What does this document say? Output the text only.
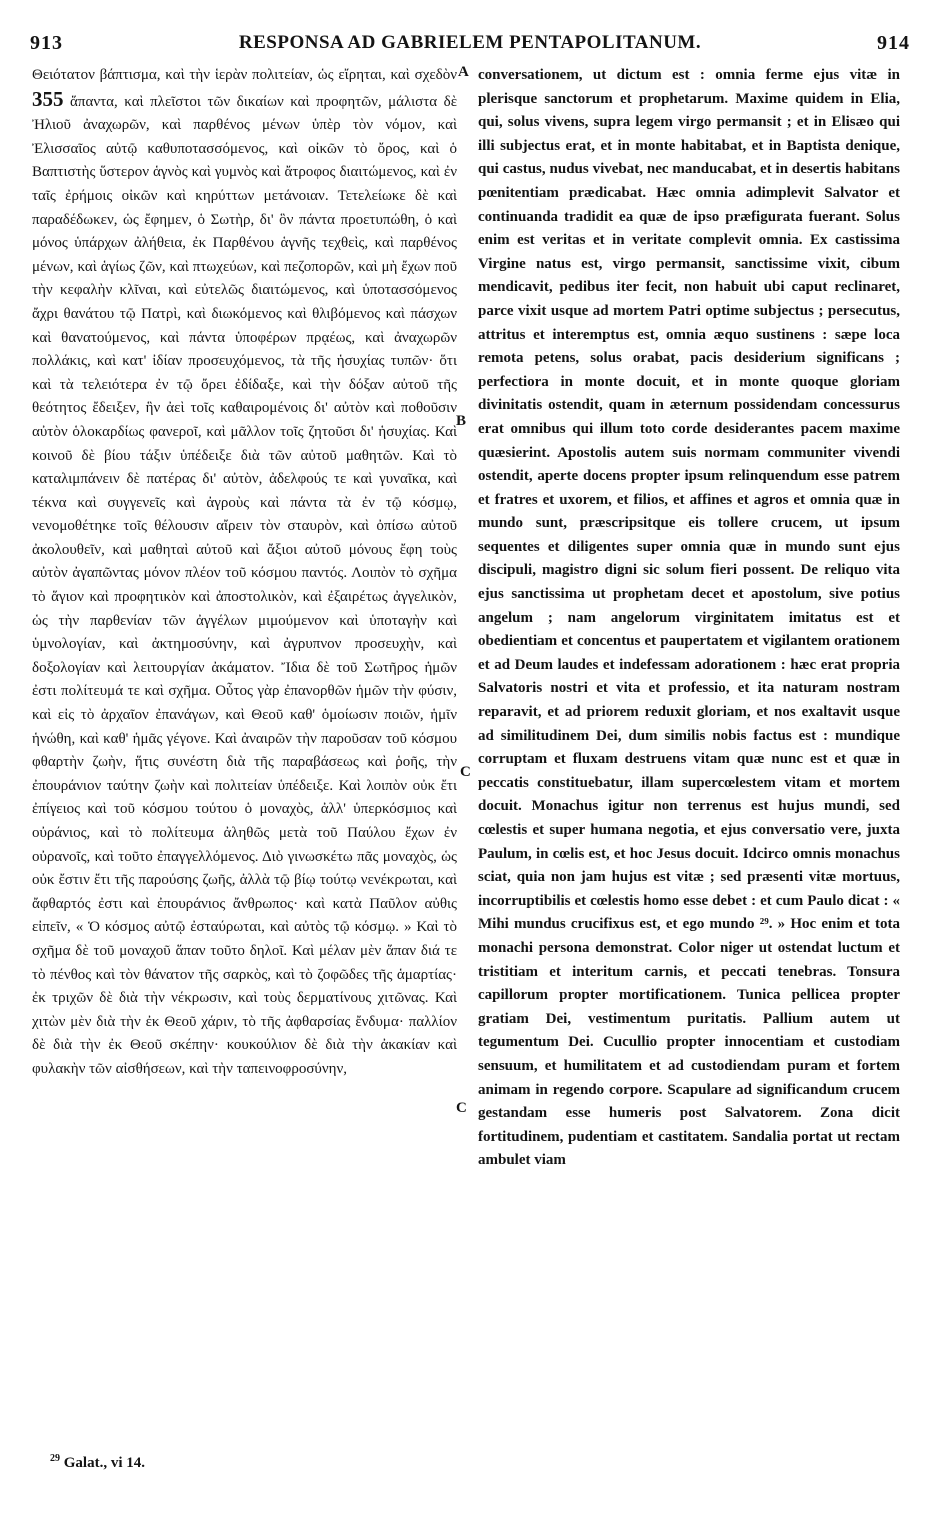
913	RESPONSA AD GABRIELEM PENTAPOLITANUM.	914

Θειότατον βάπτισμα, καὶ τὴν ἱερὰν πολιτείαν, ὡς εἴρηται, καὶ σχεδὸν 355 ἅπαντα, καὶ πλεῖστοι τῶν δικαίων καὶ προφητῶν, μάλιστα δὲ Ἠλιοῦ ἀναχωρῶν, καὶ παρθένος μένων ὑπὲρ τὸν νόμον, καὶ Ἐλισσαῖος αὐτῷ καθυποτασσόμενος, καὶ οἰκῶν τὸ ὄρος, καὶ ὁ Βαπτιστὴς ὕστερον ἁγνὸς καὶ γυμνὸς καὶ ἄτροφος διαιτώμενος, καὶ ἐν ταῖς ἐρήμοις οἰκῶν καὶ κηρύττων μετάνοιαν. Τετελείωκε δὲ καὶ παραδέδωκεν, ὡς ἔφημεν, ὁ Σωτὴρ, δι' ὃν πάντα προετυπώθη, ὁ καὶ μόνος ὑπάρχων ἀλήθεια, ἐκ Παρθένου ἁγνῆς τεχθεὶς, καὶ παρθένος μένων, καὶ ἁγίως ζῶν, καὶ πτωχεύων, καὶ πεζοπορῶν, καὶ μὴ ἔχων ποῦ τὴν κεφαλὴν κλῖναι, καὶ εὐτελῶς διαιτώμενος, καὶ ὑποτασσόμενος ἄχρι θανάτου τῷ Πατρὶ, καὶ διωκόμενος καὶ θλιβόμενος καὶ πάσχων καὶ θανατούμενος, καὶ πάντα ὑποφέρων πρᾳέως, καὶ ἀναχωρῶν πολλάκις, καὶ κατ' ἰδίαν προσευχόμενος, τὰ τῆς ἡσυχίας τυπῶν· ὅτι καὶ τὰ τελειότερα ἐν τῷ ὄρει ἐδίδαξε, καὶ τὴν δόξαν αὐτοῦ τῆς θεότητος ἔδειξεν, ἣν ἀεὶ τοῖς καθαιρομένοις δι' αὐτὸν καὶ ποθοῦσιν αὐτὸν ὁλοκαρδίως φανεροῖ, καὶ μᾶλλον τοῖς ζητοῦσι δι' ἡσυχίας. Καὶ κοινοῦ δὲ βίου τάξιν ὑπέδειξε διὰ τῶν αὐτοῦ μαθητῶν. Καὶ τὸ καταλιμπάνειν δὲ πατέρας δι' αὐτὸν, ἀδελφούς τε καὶ γυναῖκα, καὶ τέκνα καὶ συγγενεῖς καὶ ἀγροὺς καὶ πάντα τὰ ἐν τῷ κόσμῳ, νενομοθέτηκε τοῖς θέλουσιν αἴρειν τὸν σταυρὸν, καὶ ὀπίσω αὐτοῦ ἀκολουθεῖν, καὶ μαθηταὶ αὐτοῦ καὶ ἄξιοι αὐτοῦ μόνους ἔφη τοὺς αὐτὸν ἀγαπῶντας μόνον πλέον τοῦ κόσμου παντός. Λοιπὸν τὸ σχῆμα τὸ ἅγιον καὶ προφητικὸν καὶ ἀποστολικὸν, καὶ ἐξαιρέτως ἀγγελικὸν, ὡς τὴν παρθενίαν τῶν ἀγγέλων μιμούμενον καὶ ὑποταγὴν καὶ ὑμνολογίαν, καὶ ἀκτημοσύνην, καὶ ἀγρυπνον προσευχὴν, καὶ δοξολογίαν καὶ λειτουργίαν ἀκάματον. Ἴδια δὲ τοῦ Σωτῆρος ἡμῶν ἐστι πολίτευμά τε καὶ σχῆμα. Οὗτος γὰρ ἐπανορθῶν ἡμῶν τὴν φύσιν, καὶ εἰς τὸ ἀρχαῖον ἐπανάγων, καὶ Θεοῦ καθ' ὁμοίωσιν ποιῶν, ἡμῖν ἡνώθη, καὶ καθ' ἡμᾶς γέγονε. Καὶ ἀναιρῶν τὴν παροῦσαν τοῦ κόσμου φθαρτὴν ζωὴν, ἥτις συνέστη διὰ τῆς παραβάσεως καὶ ῥοῆς, τὴν ἐπουράνιον ταύτην ζωὴν καὶ πολιτείαν ὑπέδειξε. Καὶ λοιπὸν οὐκ ἔτι ἐπίγειος καὶ τοῦ κόσμου τούτου ὁ μοναχὸς, ἀλλ' ὑπερκόσμιος καὶ οὐράνιος, καὶ τὸ πολίτευμα ἀληθῶς μετὰ τοῦ Παύλου ἔχων ἐν οὐρανοῖς, καὶ τοῦτο ἐπαγγελλόμενος. Διὸ γινωσκέτω πᾶς μοναχὸς, ὡς οὐκ ἔστιν ἔτι τῆς παρούσης ζωῆς, ἀλλὰ τῷ βίῳ τούτῳ νενέκρωται, καὶ ἄφθαρτός ἐστι καὶ ἐπουράνιος ἄνθρωπος· καὶ κατὰ Παῦλον αὐθις εἰπεῖν, « Ὁ κόσμος αὐτῷ ἐσταύρωται, καὶ αὐτὸς τῷ κόσμῳ. » Καὶ τὸ σχῆμα δὲ τοῦ μοναχοῦ ἅπαν τοῦτο δηλοῖ. Καὶ μέλαν μὲν ἅπαν διά τε τὸ πένθος καὶ τὸν θάνατον τῆς σαρκὸς, καὶ τὸ ζοφῶδες τῆς ἁμαρτίας· ἐκ τριχῶν δὲ διὰ τὴν νέκρωσιν, καὶ τοὺς δερματίνους χιτῶνας. Καὶ χιτὼν μὲν διὰ τὴν ἐκ Θεοῦ χάριν, τὸ τῆς ἀφθαρσίας ἔνδυμα· παλλίον δὲ διὰ τὴν ἐκ Θεοῦ σκέπην· κουκούλιον δὲ διὰ τὴν ἀκακίαν καὶ φυλακὴν τῶν αἰσθήσεων, καὶ τὴν ταπεινοφροσύνην,

A
B
C
C

conversationem, ut dictum est : omnia ferme ejus vitæ in plerisque sanctorum et prophetarum. Maxime quidem in Elia, qui, solus vivens, supra legem virgo permansit ; et in Elisæo qui illi subjectus erat, et in monte habitabat, et in Baptista denique, qui castus, nudus vivebat, nec manducabat, et in desertis habitans pœnitentiam prædicabat. Hæc omnia adimplevit Salvator et continuanda tradidit ea quæ de ipso præfigurata fuerant. Solus enim est veritas et in veritate complevit omnia. Ex castissima Virgine natus est, virgo permansit, sanctissime vixit, cibum mendicavit, pedibus iter fecit, non habuit ubi caput reclinaret, parce vixit usque ad mortem Patri optime subjectus ; persecutus, attritus et interemptus est, omnia æquo sustinens : sæpe loca remota petens, solus orabat, pacis desiderium significans ; perfectiora in monte docuit, et in monte quoque gloriam divinitatis ostendit, quam in æternum possidendam concessurus erat omnibus qui illum toto corde desiderantes pacem maxime quæsierint. Apostolis autem suis normam communiter vivendi ostendit, aperte docens propter ipsum relinquendum esse patrem et fratres et uxorem, et filios, et affines et agros et omnia quæ in mundo sunt, præscripsitque eis tollere crucem, ut ipsum sequentes et diligentes super omnia quæ in mundo sunt ejus discipuli, magistro digni sic solum fieri possent. De reliquo vita ejus sanctissima ut prophetam decet et apostolum, sive potius angelum ; nam angelorum virginitatem imitatus est et obedientiam et concentus et paupertatem et vigilantem orationem et ad Deum laudes et indefessam adorationem : hæc erat propria Salvatoris nostri et vita et professio, et ita naturam nostram reparavit, et ad priorem reduxit gloriam, et nos exaltavit usque ad similitudinem Dei, dum similis nobis factus est : mundique corruptam et fluxam destruens vitam quæ nunc est et quæ in peccatis constituebatur, illam supercœlestem vitam et mortem docuit. Monachus igitur non terrenus est hujus mundi, sed cœlestis et super humana negotia, et ejus conversatio vere, juxta Paulum, in cœlis est, et hoc Jesus docuit. Idcirco omnis monachus sciat, quia non jam hujus est vitæ ; sed præsenti vitæ mortuus, incorruptibilis et cœlestis homo esse debet : et cum Paulo dicat : « Mihi mundus crucifixus est, et ego mundo ²⁹. » Hoc enim et tota monachi persona demonstrat. Color niger ut ostendat luctum et tristitiam et interitum carnis, et peccati tenebras. Tonsura capillorum propter mortificationem. Tunica pellicea propter gratiam Dei, vestimentum puritatis. Pallium autem ut tegumentum Dei. Cucullio propter innocentiam et custodiam sensuum, et humilitatem et ad custodiendam puram et fortem animam in regendo corpore. Scapulare ad significandum crucem gestandam esse humeris post Salvatorem. Zona dicit fortitudinem, pudentiam et castitatem. Sandalia portat ut rectam ambulet viam

$^{29}$ Galat., vi 14.
